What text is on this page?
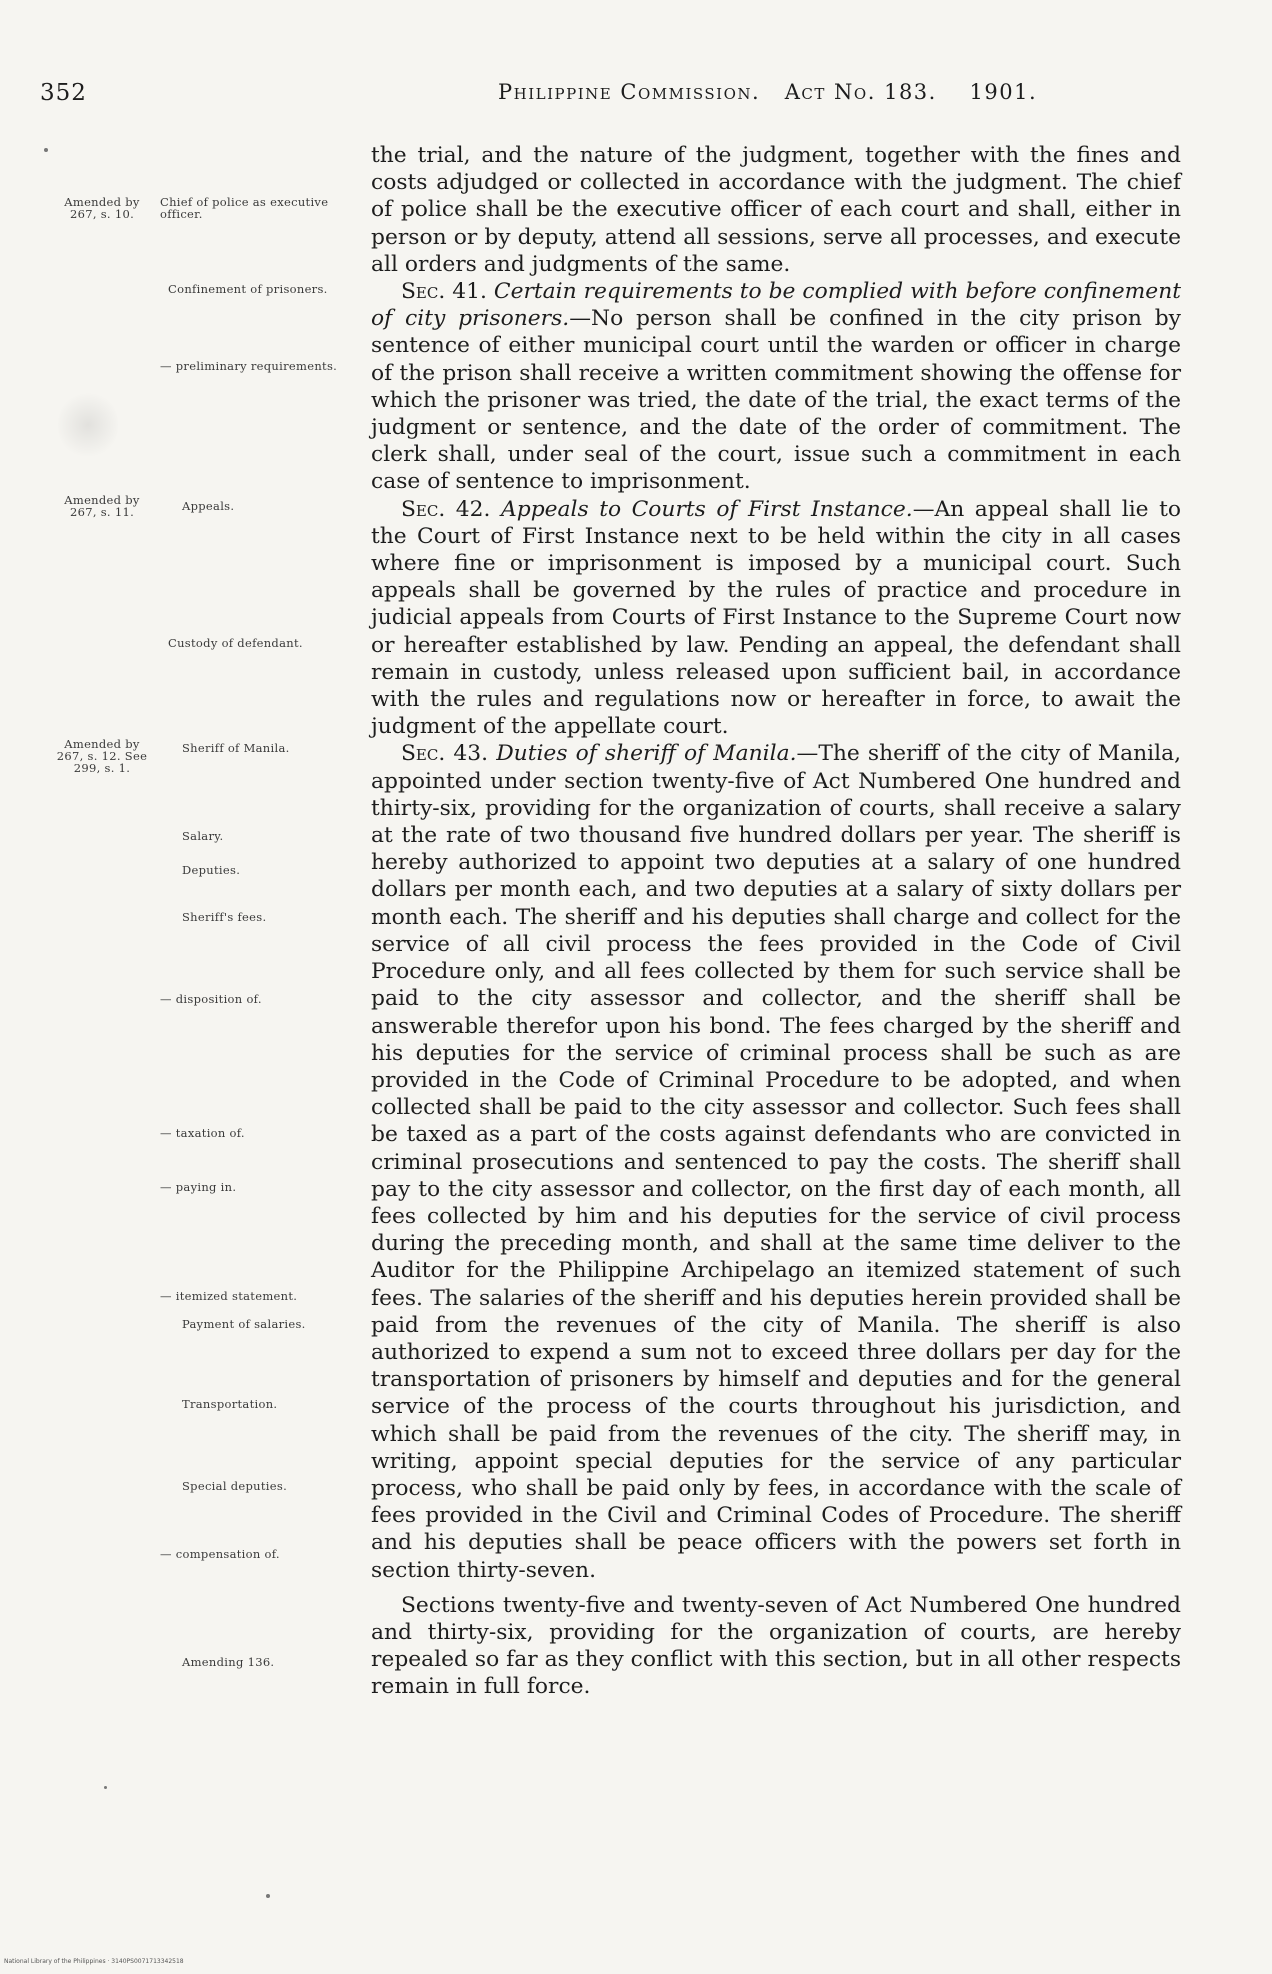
352	Philippine Commission. Act No. 183. 1901.
Amended by 267, s. 10.
Chief of police as executive officer.
Confinement of prisoners.
— preliminary requirements.
Amended by 267, s. 11.	Appeals.
Custody of defendant.
Amended by 267, s. 12. See 299, s. 1.
Sheriff of Manila.
Salary.
Deputies.
Sheriff's fees.
— disposition of.
— taxation of.
— paying in.
— itemized statement.
Payment of salaries.
Transportation.
Special deputies.
— compensation of.
Amending 136.

the trial, and the nature of the judgment, together with the fines and costs adjudged or collected in accordance with the judgment. The chief of police shall be the executive officer of each court and shall, either in person or by deputy, attend all sessions, serve all processes, and execute all orders and judgments of the same.

Sec. 41. Certain requirements to be complied with before confinement of city prisoners.—No person shall be confined in the city prison by sentence of either municipal court until the warden or officer in charge of the prison shall receive a written commitment showing the offense for which the prisoner was tried, the date of the trial, the exact terms of the judgment or sentence, and the date of the order of commitment. The clerk shall, under seal of the court, issue such a commitment in each case of sentence to imprisonment.

Sec. 42. Appeals to Courts of First Instance.—An appeal shall lie to the Court of First Instance next to be held within the city in all cases where fine or imprisonment is imposed by a municipal court. Such appeals shall be governed by the rules of practice and procedure in judicial appeals from Courts of First Instance to the Supreme Court now or hereafter established by law. Pending an appeal, the defendant shall remain in custody, unless released upon sufficient bail, in accordance with the rules and regulations now or hereafter in force, to await the judgment of the appellate court.

Sec. 43. Duties of sheriff of Manila.—The sheriff of the city of Manila, appointed under section twenty-five of Act Numbered One hundred and thirty-six, providing for the organization of courts, shall receive a salary at the rate of two thousand five hundred dollars per year. The sheriff is hereby authorized to appoint two deputies at a salary of one hundred dollars per month each, and two deputies at a salary of sixty dollars per month each. The sheriff and his deputies shall charge and collect for the service of all civil process the fees provided in the Code of Civil Procedure only, and all fees collected by them for such service shall be paid to the city assessor and collector, and the sheriff shall be answerable therefor upon his bond. The fees charged by the sheriff and his deputies for the service of criminal process shall be such as are provided in the Code of Criminal Procedure to be adopted, and when collected shall be paid to the city assessor and collector. Such fees shall be taxed as a part of the costs against defendants who are convicted in criminal prosecutions and sentenced to pay the costs. The sheriff shall pay to the city assessor and collector, on the first day of each month, all fees collected by him and his deputies for the service of civil process during the preceding month, and shall at the same time deliver to the Auditor for the Philippine Archipelago an itemized statement of such fees. The salaries of the sheriff and his deputies herein provided shall be paid from the revenues of the city of Manila. The sheriff is also authorized to expend a sum not to exceed three dollars per day for the transportation of prisoners by himself and deputies and for the general service of the process of the courts throughout his jurisdiction, and which shall be paid from the revenues of the city. The sheriff may, in writing, appoint special deputies for the service of any particular process, who shall be paid only by fees, in accordance with the scale of fees provided in the Civil and Criminal Codes of Procedure. The sheriff and his deputies shall be peace officers with the powers set forth in section thirty-seven.

Sections twenty-five and twenty-seven of Act Numbered One hundred and thirty-six, providing for the organization of courts, are hereby repealed so far as they conflict with this section, but in all other respects remain in full force.

National Library of the Philippines · 3140PS0071713342518
